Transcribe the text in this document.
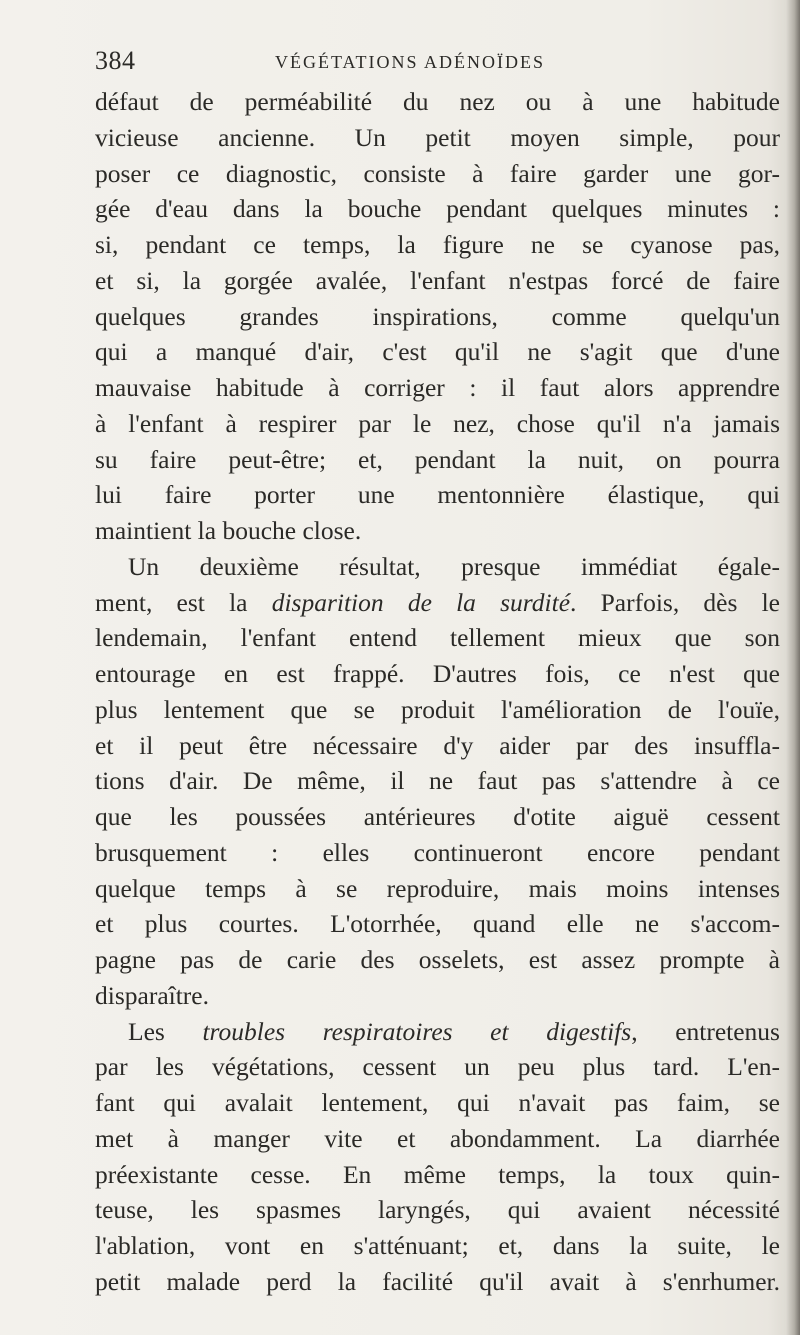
384	VÉGÉTATIONS ADÉNOÏDES
défaut de perméabilité du nez ou à une habitude
vicieuse ancienne. Un petit moyen simple, pour
poser ce diagnostic, consiste à faire garder une gor-
gée d'eau dans la bouche pendant quelques minutes :
si, pendant ce temps, la figure ne se cyanose pas,
et si, la gorgée avalée, l'enfant n'estpas forcé de faire
quelques grandes inspirations, comme quelqu'un
qui a manqué d'air, c'est qu'il ne s'agit que d'une
mauvaise habitude à corriger : il faut alors apprendre
à l'enfant à respirer par le nez, chose qu'il n'a jamais
su faire peut-être; et, pendant la nuit, on pourra
lui faire porter une mentonnière élastique, qui
maintient la bouche close.
Un deuxième résultat, presque immédiat égale-
ment, est la disparition de la surdité. Parfois, dès le
lendemain, l'enfant entend tellement mieux que son
entourage en est frappé. D'autres fois, ce n'est que
plus lentement que se produit l'amélioration de l'ouïe,
et il peut être nécessaire d'y aider par des insuffla-
tions d'air. De même, il ne faut pas s'attendre à ce
que les poussées antérieures d'otite aiguë cessent
brusquement : elles continueront encore pendant
quelque temps à se reproduire, mais moins intenses
et plus courtes. L'otorrhée, quand elle ne s'accom-
pagne pas de carie des osselets, est assez prompte à
disparaître.
Les troubles respiratoires et digestifs, entretenus
par les végétations, cessent un peu plus tard. L'en-
fant qui avalait lentement, qui n'avait pas faim, se
met à manger vite et abondamment. La diarrhée
préexistante cesse. En même temps, la toux quin-
teuse, les spasmes laryngés, qui avaient nécessité
l'ablation, vont en s'atténuant; et, dans la suite, le
petit malade perd la facilité qu'il avait à s'enrhumer.
